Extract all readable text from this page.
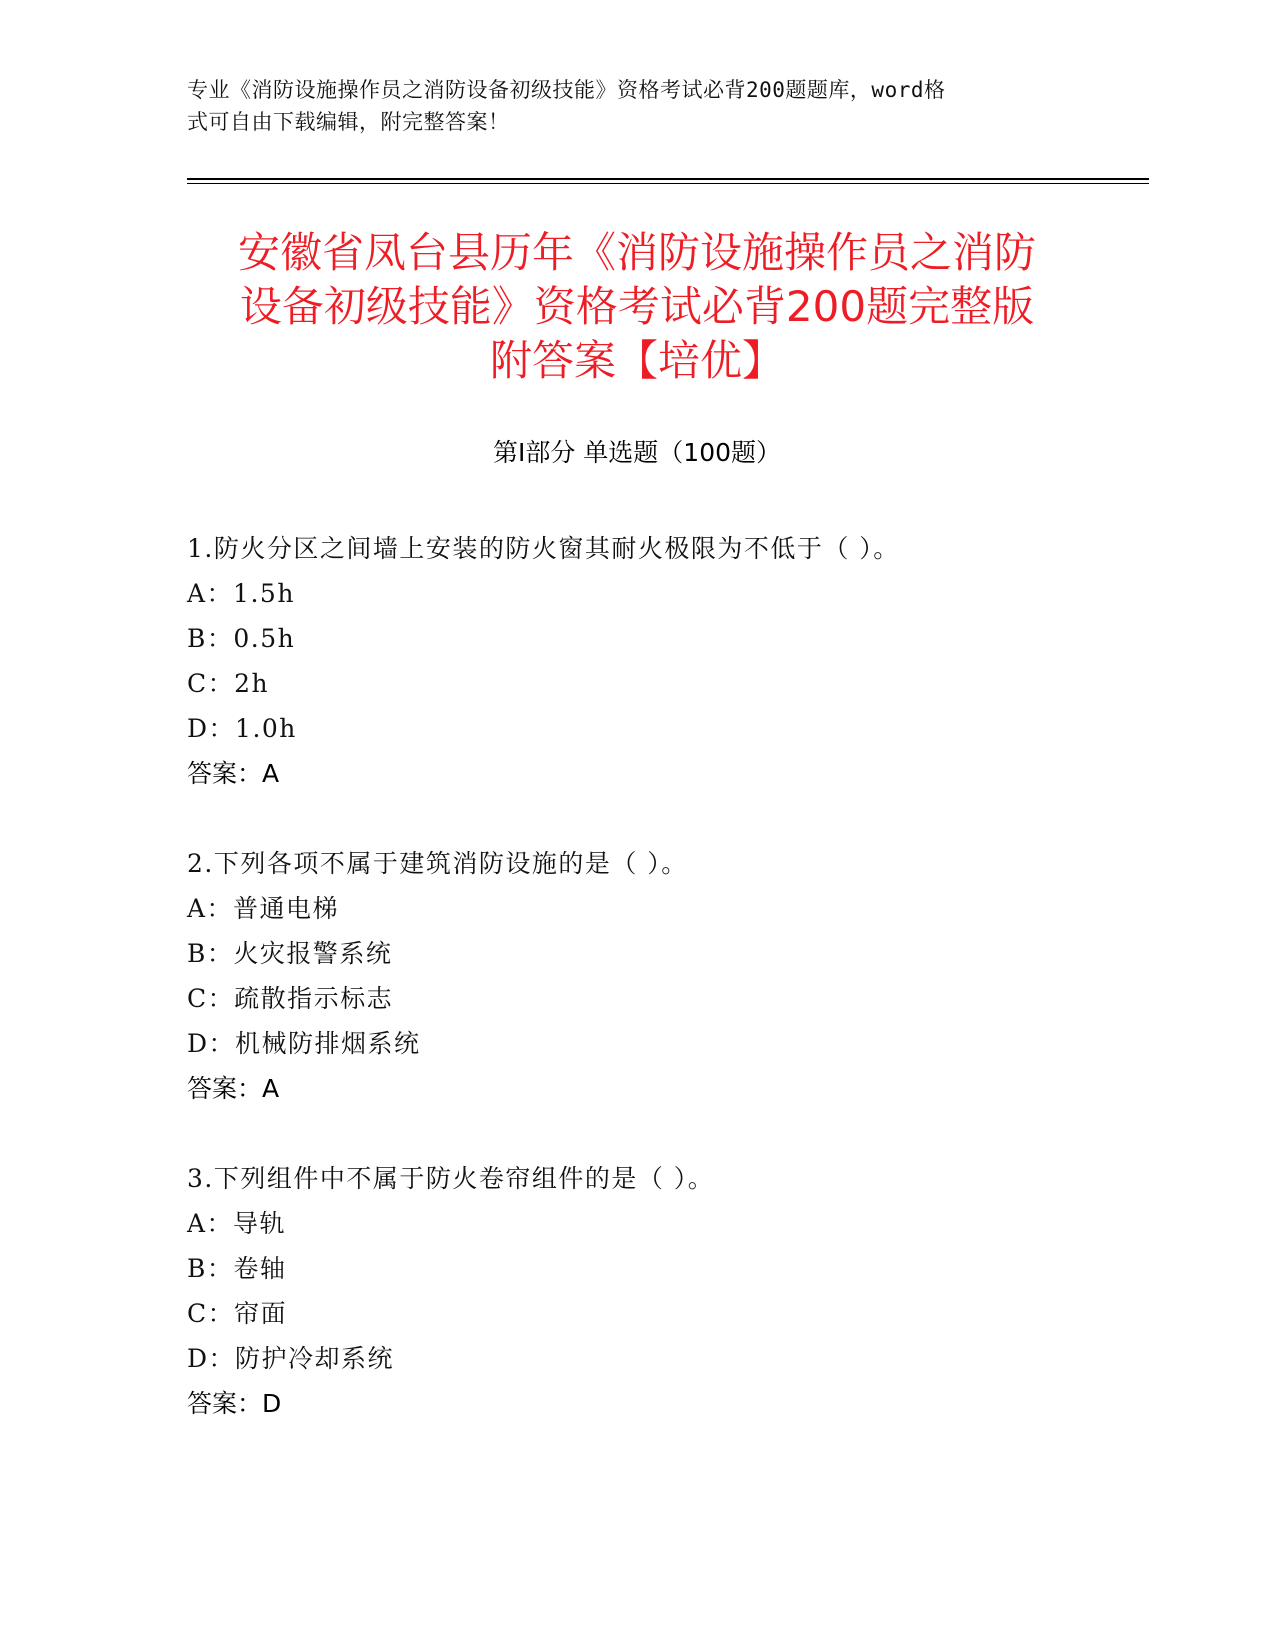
专业《消防设施操作员之消防设备初级技能》资格考试必背200题题库，word格
式可自由下载编辑，附完整答案！
安徽省凤台县历年《消防设施操作员之消防
设备初级技能》资格考试必背200题完整版
附答案【培优】
第Ⅰ部分 单选题（100题）
1.防火分区之间墙上安装的防火窗其耐火极限为不低于（ ）。
A：1.5h
B：0.5h
C：2h
D：1.0h
答案：A
2.下列各项不属于建筑消防设施的是（ ）。
A：普通电梯
B：火灾报警系统
C：疏散指示标志
D：机械防排烟系统
答案：A
3.下列组件中不属于防火卷帘组件的是（ ）。
A：导轨
B：卷轴
C：帘面
D：防护冷却系统
答案：D
